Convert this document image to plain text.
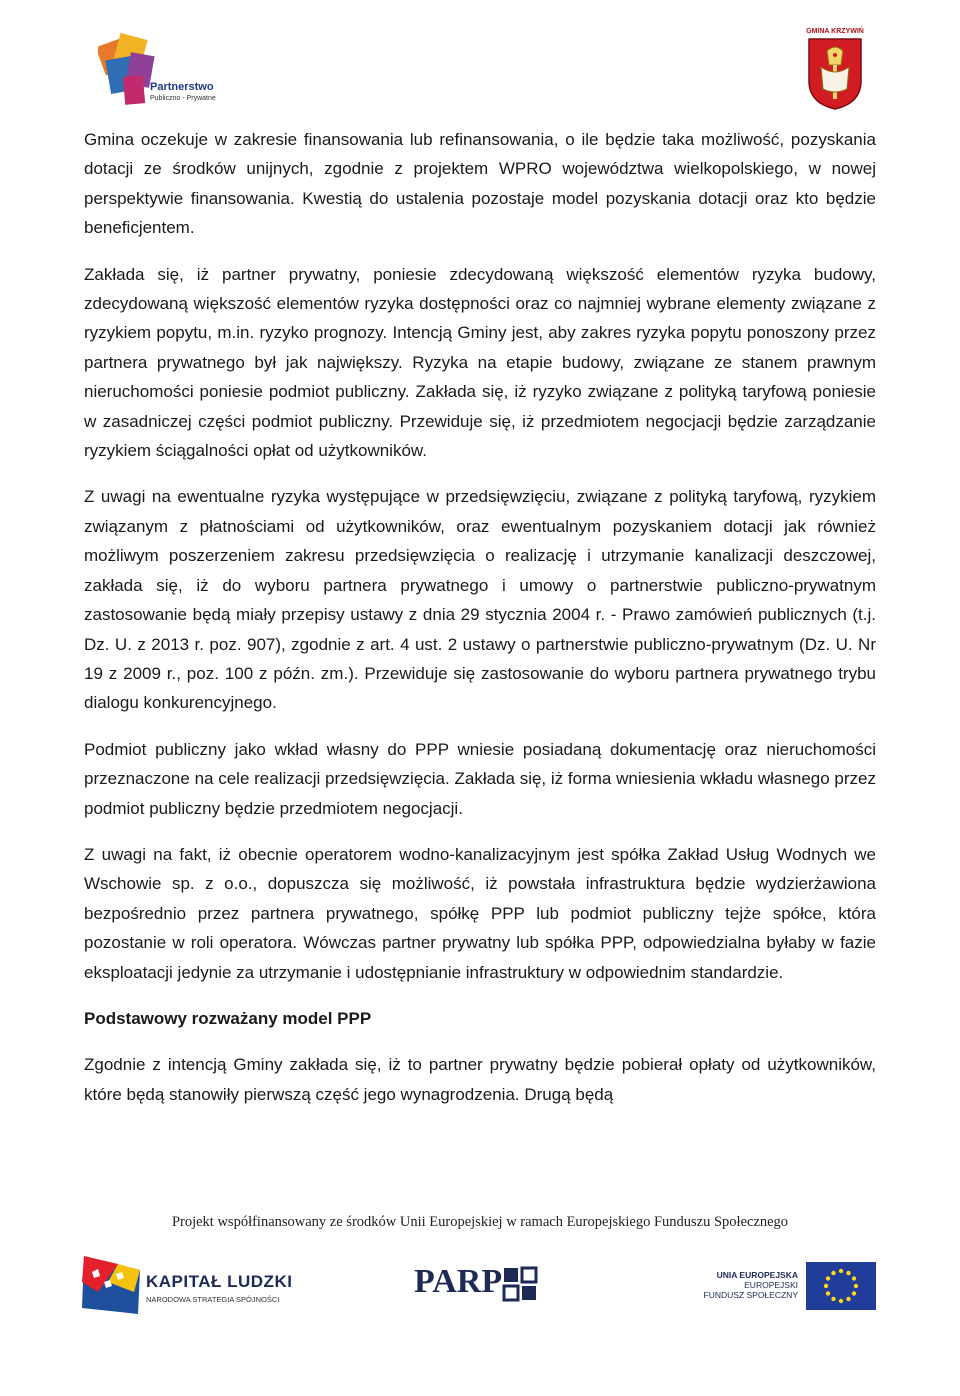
Partnerstwo
Publiczno - Prywatne
GMINA KRZYWIŃ

Gmina oczekuje w zakresie finansowania lub refinansowania, o ile będzie taka możliwość, pozyskania dotacji ze środków unijnych, zgodnie z projektem WPRO województwa wielkopolskiego, w nowej perspektywie finansowania. Kwestią do ustalenia pozostaje model pozyskania dotacji oraz kto będzie beneficjentem.

Zakłada się, iż partner prywatny, poniesie zdecydowaną większość elementów ryzyka budowy, zdecydowaną większość elementów ryzyka dostępności oraz co najmniej wybrane elementy związane z ryzykiem popytu, m.in. ryzyko prognozy. Intencją Gminy jest, aby zakres ryzyka popytu ponoszony przez partnera prywatnego był jak największy. Ryzyka na etapie budowy, związane ze stanem prawnym nieruchomości poniesie podmiot publiczny. Zakłada się, iż ryzyko związane z polityką taryfową poniesie w zasadniczej części podmiot publiczny. Przewiduje się, iż przedmiotem negocjacji będzie zarządzanie ryzykiem ściągalności opłat od użytkowników.

Z uwagi na ewentualne ryzyka występujące w przedsięwzięciu, związane z polityką taryfową, ryzykiem związanym z płatnościami od użytkowników, oraz ewentualnym pozyskaniem dotacji jak również możliwym poszerzeniem zakresu przedsięwzięcia o realizację i utrzymanie kanalizacji deszczowej, zakłada się, iż do wyboru partnera prywatnego i umowy o partnerstwie publiczno-prywatnym zastosowanie będą miały przepisy ustawy z dnia 29 stycznia 2004 r. - Prawo zamówień publicznych (t.j. Dz. U. z 2013 r. poz. 907), zgodnie z art. 4 ust. 2 ustawy o partnerstwie publiczno-prywatnym (Dz. U. Nr 19 z 2009 r., poz. 100 z późn. zm.). Przewiduje się zastosowanie do wyboru partnera prywatnego trybu dialogu konkurencyjnego.

Podmiot publiczny jako wkład własny do PPP wniesie posiadaną dokumentację oraz nieruchomości przeznaczone na cele realizacji przedsięwzięcia. Zakłada się, iż forma wniesienia wkładu własnego przez podmiot publiczny będzie przedmiotem negocjacji.

Z uwagi na fakt, iż obecnie operatorem wodno-kanalizacyjnym jest spółka Zakład Usług Wodnych we Wschowie sp. z o.o., dopuszcza się możliwość, iż powstała infrastruktura będzie wydzierżawiona bezpośrednio przez partnera prywatnego, spółkę PPP lub podmiot publiczny tejże spółce, która pozostanie w roli operatora. Wówczas partner prywatny lub spółka PPP, odpowiedzialna byłaby w fazie eksploatacji jedynie za utrzymanie i udostępnianie infrastruktury w odpowiednim standardzie.

Podstawowy rozważany model PPP

Zgodnie z intencją Gminy zakłada się, iż to partner prywatny będzie pobierał opłaty od użytkowników, które będą stanowiły pierwszą część jego wynagrodzenia. Drugą będą

Projekt współfinansowany ze środków Unii Europejskiej w ramach Europejskiego Funduszu Społecznego
KAPITAŁ LUDZKI
NARODOWA STRATEGIA SPÓJNOŚCI	PARP	UNIA EUROPEJSKA
EUROPEJSKI
FUNDUSZ SPOŁECZNY
